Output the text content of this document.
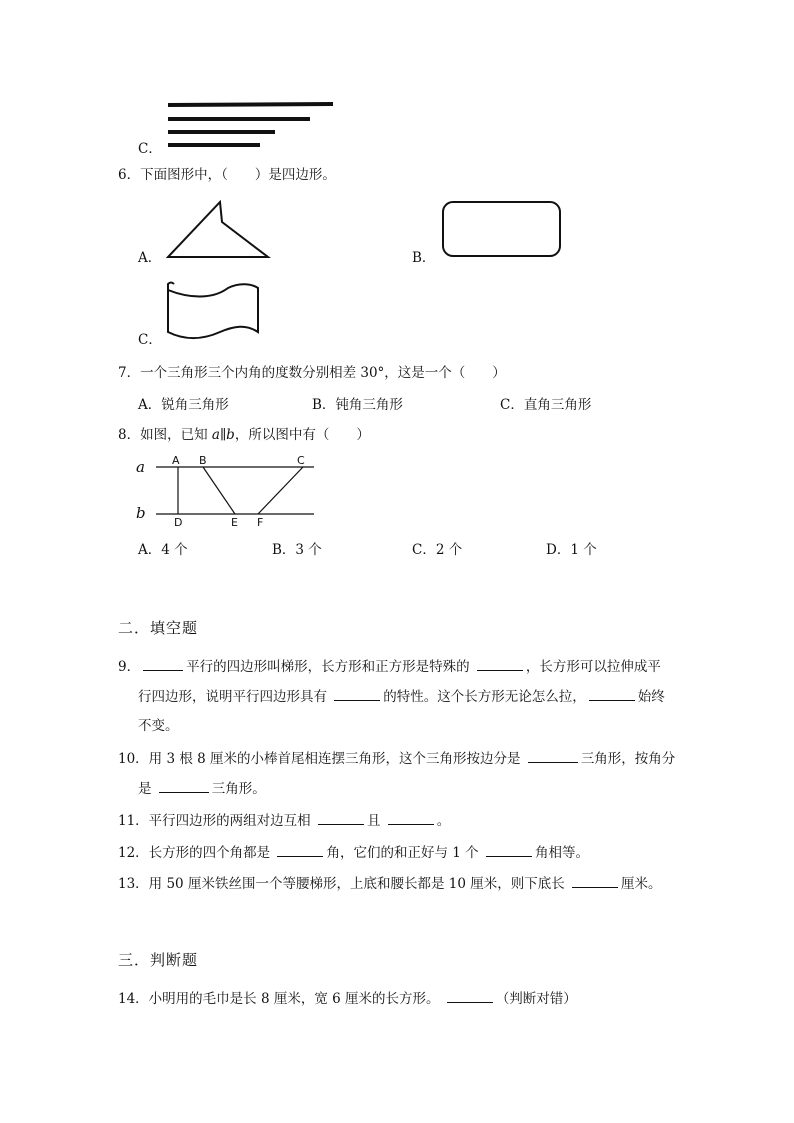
C．
6．下面图形中，（　　）是四边形。
A．	B．
C．
7．一个三角形三个内角的度数分别相差 30°，这是一个（　　）
A．锐角三角形	B．钝角三角形	C．直角三角形
8．如图，已知 a∥b，所以图中有（　　）
a
b
A B	C
D	E F
A．4 个	B．3 个	C．2 个	D．1 个
二．填空题
9．	平行的四边形叫梯形，长方形和正方形是特殊的	，长方形可以拉伸成平
行四边形，说明平行四边形具有	的特性。这个长方形无论怎么拉，	始终
不变。
10．用 3 根 8 厘米的小棒首尾相连摆三角形，这个三角形按边分是	三角形，按角分
是	三角形。
11．平行四边形的两组对边互相	且	。
12．长方形的四个角都是	角，它们的和正好与 1 个	角相等。
13．用 50 厘米铁丝围一个等腰梯形，上底和腰长都是 10 厘米，则下底长	厘米。
三．判断题
14．小明用的毛巾是长 8 厘米，宽 6 厘米的长方形。	（判断对错）
